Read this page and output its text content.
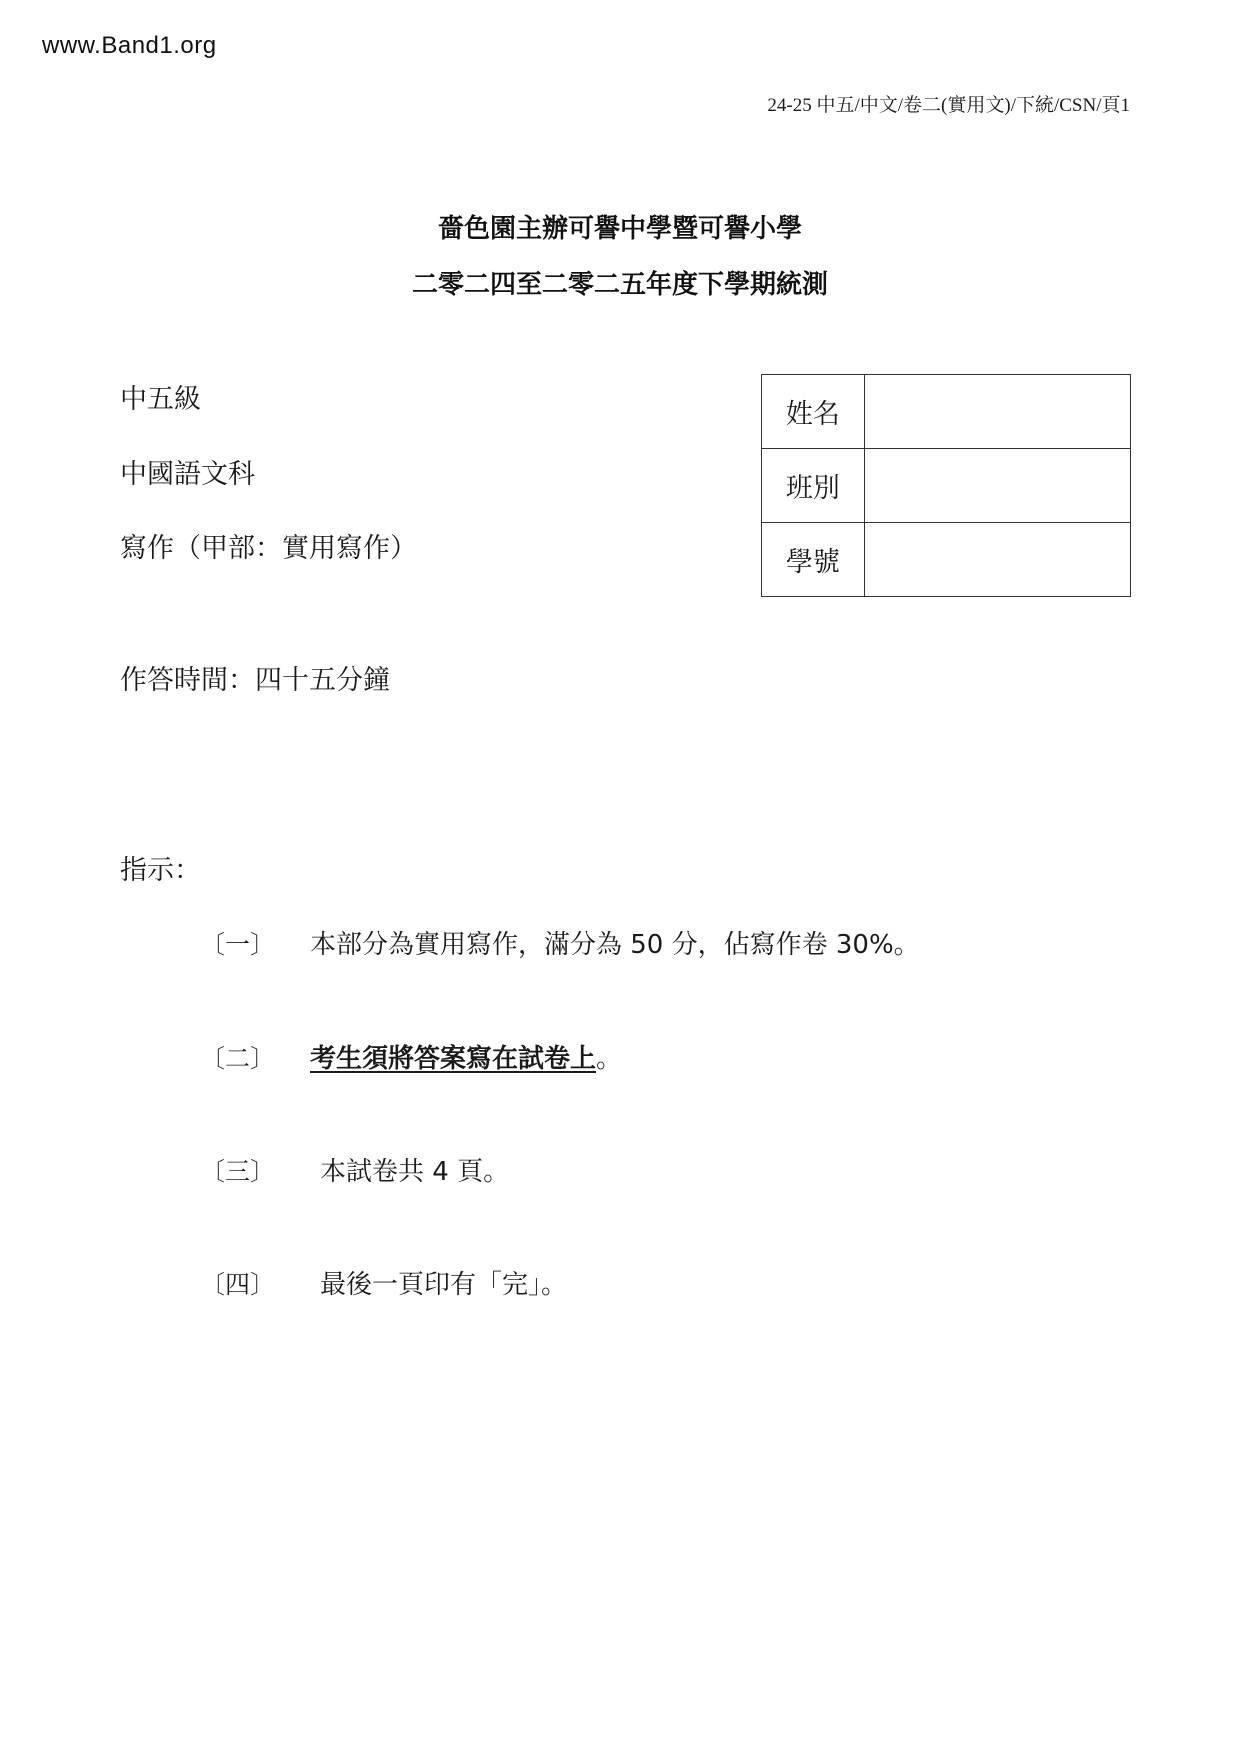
www.Band1.org
24-25 中五/中文/卷二(實用文)/下統/CSN/頁1
嗇色園主辦可譽中學暨可譽小學
二零二四至二零二五年度下學期統測
中五級
中國語文科
寫作（甲部：實用寫作）
作答時間：四十五分鐘
姓名	
班別	
學號	
指示：
〔一〕 本部分為實用寫作，滿分為 50 分，佔寫作卷 30%。
〔二〕 考生須將答案寫在試卷上。
〔三〕 本試卷共 4 頁。
〔四〕 最後一頁印有「完」。
